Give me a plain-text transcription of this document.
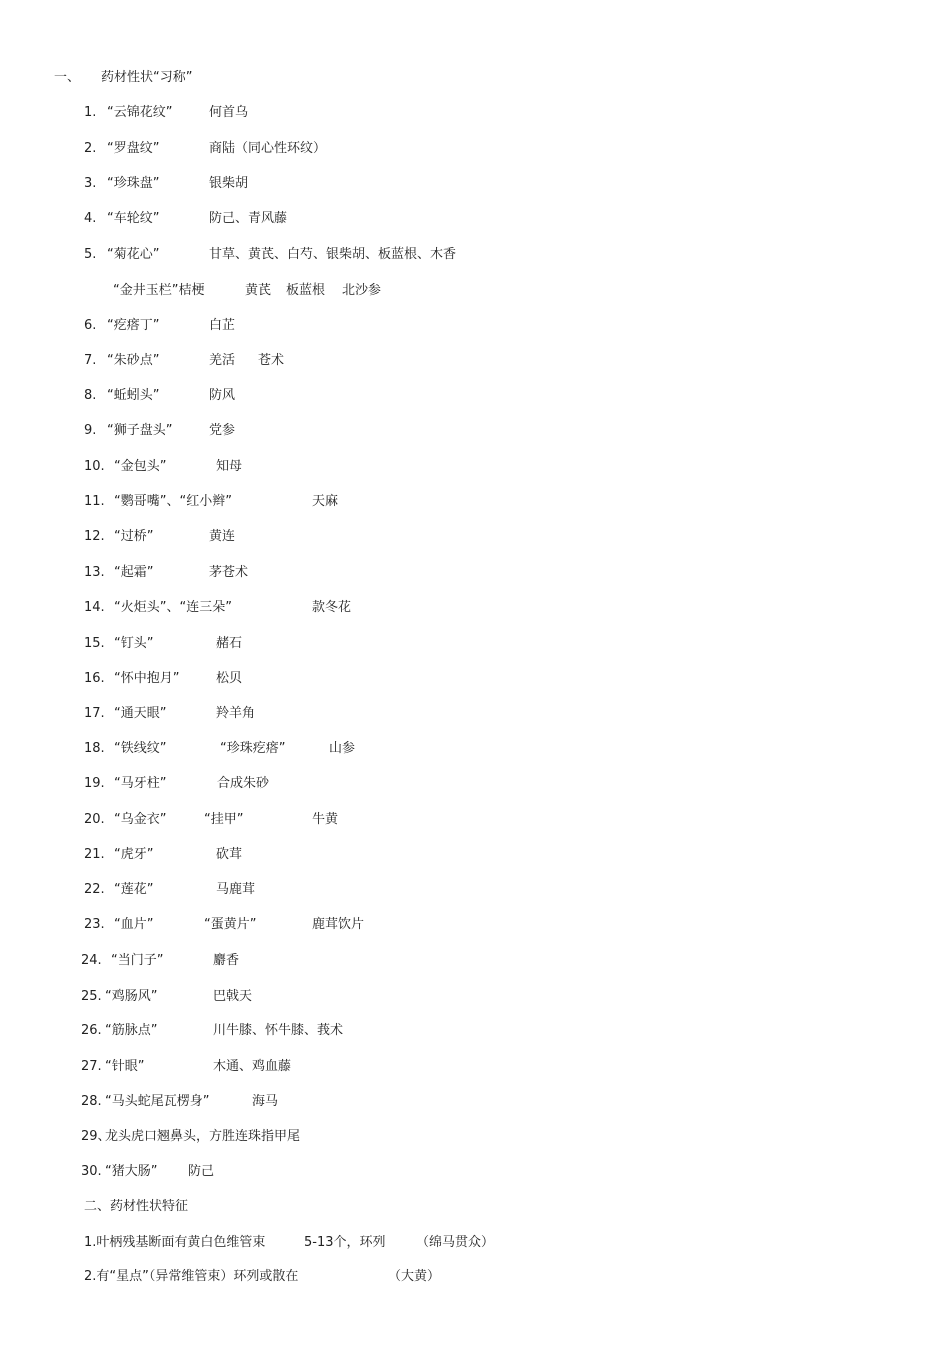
一、 药材性状“习称”
1. “云锦花纹”	何首乌
2. “罗盘纹”	商陆（同心性环纹）
3. “珍珠盘”	银柴胡
4. “车轮纹”	防己、青风藤
5. “菊花心”	甘草、黄芪、白芍、银柴胡、板蓝根、木香
“金井玉栏”桔梗	黄芪 板蓝根 北沙参
6. “疙瘩丁”	白芷
7. “朱砂点”	羌活 苍术
8. “蚯蚓头”	防风
9. “狮子盘头”	党参
10. “金包头”	知母
11. “鹦哥嘴”、“红小辫”	天麻
12. “过桥”	黄连
13. “起霜”	茅苍术
14. “火炬头”、“连三朵”	款冬花
15. “钉头”	赭石
16. “怀中抱月”	松贝
17. “通天眼”	羚羊角
18. “铁线纹”	“珍珠疙瘩”	山参
19. “马牙柱”	合成朱砂
20. “乌金衣”	“挂甲”	牛黄
21. “虎牙”	砍茸
22. “莲花”	马鹿茸
23. “血片”	“蛋黄片”	鹿茸饮片
24. “当门子”	麝香
25. “鸡肠风”	巴戟天
26. “筋脉点”	川牛膝、怀牛膝、莪术
27. “针眼”	木通、鸡血藤
28. “马头蛇尾瓦楞身”	海马
29、
龙头虎口翘鼻头，方胜连珠指甲尾
30. “猪大肠” 防己
二、药材性状特征
1.叶柄残基断面有黄白色维管束	5-13个，环列 （绵马贯众）
2.有“星点”（异常维管束）环列或散在	（大黄）
